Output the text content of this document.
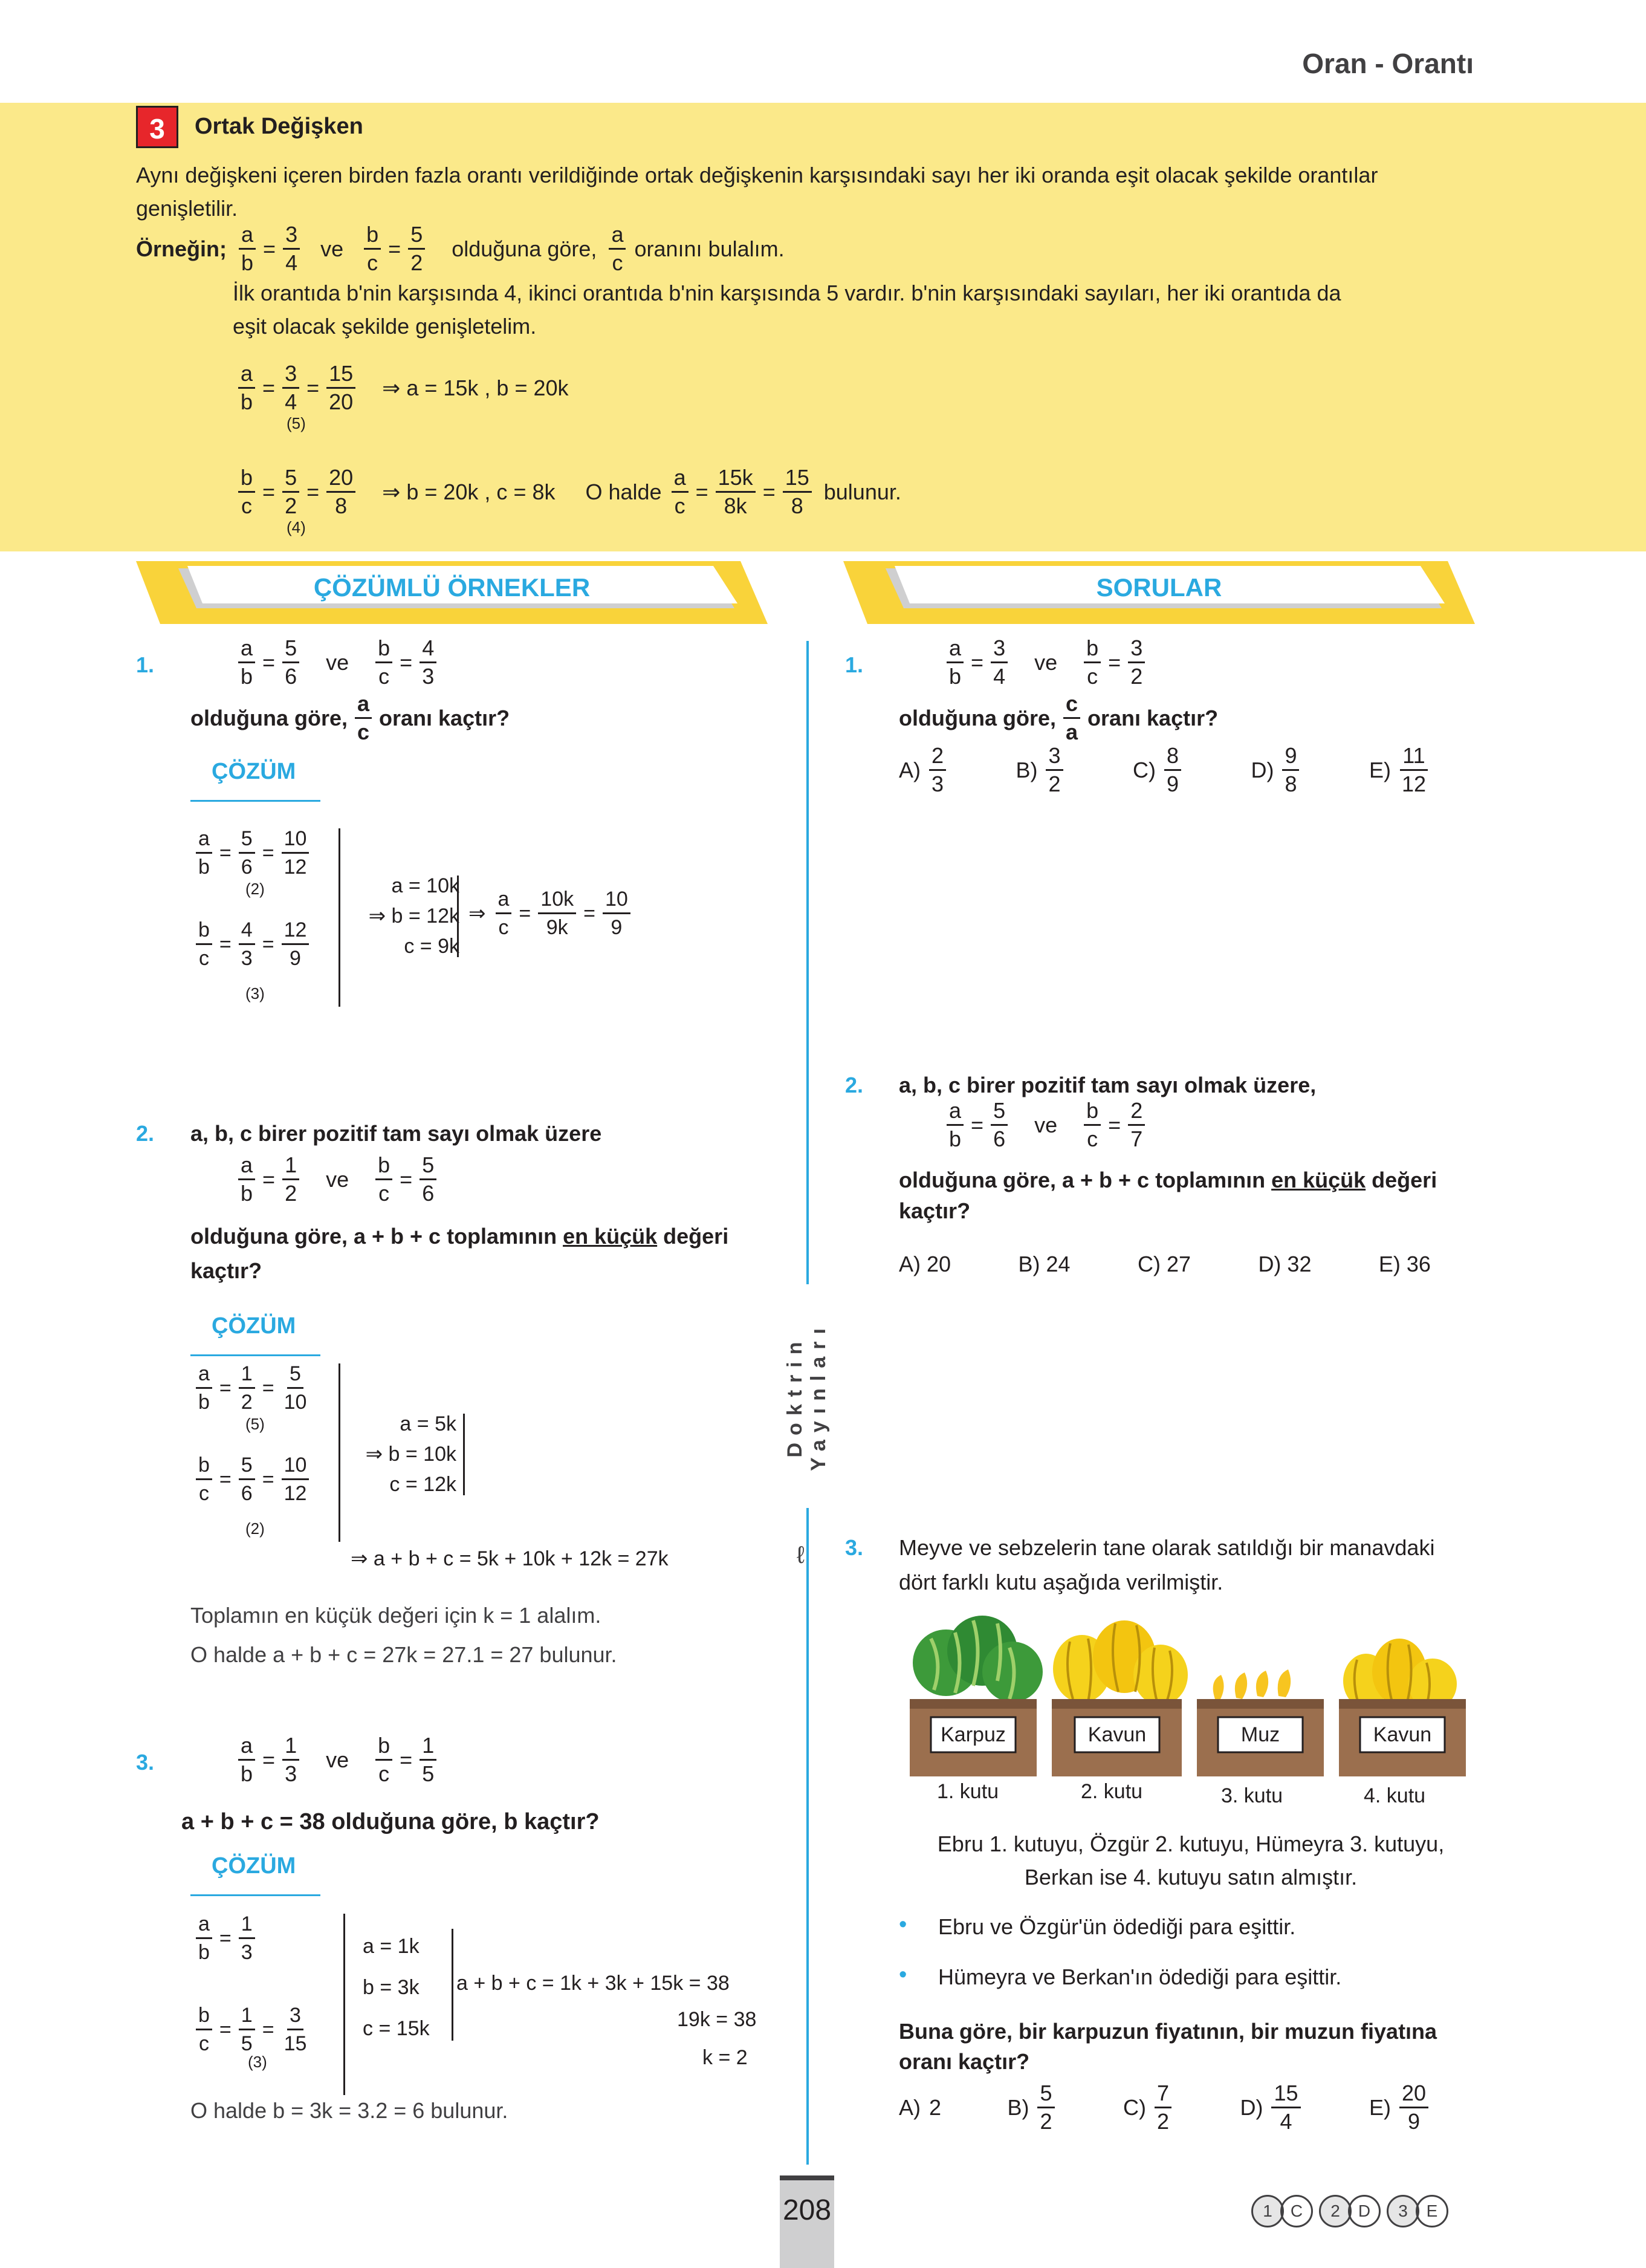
Oran - Orantı
3	Ortak Değişken
Aynı değişkeni içeren birden fazla orantı verildiğinde ortak değişkenin karşısındaki sayı her iki oranda eşit olacak şekilde orantılar
genişletilir.
Örneğin; $\frac{a}{b} = \frac{3}{4}$ ve $\frac{b}{c} = \frac{5}{2}$ olduğuna göre,
a
c
oranını bulalım.
İlk orantıda b'nin karşısında 4, ikinci orantıda b'nin karşısında 5 vardır. b'nin karşısındaki sayıları, her iki orantıda da
eşit olacak şekilde genişletelim.
$\frac{a}{b} = \frac{3}{4} = \frac{15}{20}$ ⇒ a = 15k , b = 20k
(5)
$\frac{b}{c} = \frac{5}{2} = \frac{20}{8}$ ⇒ b = 20k , c = 8k O halde $\frac{a}{c} = \frac{15k}{8k} = \frac{15}{8}$ bulunur.
(4)
ÇÖZÜMLÜ ÖRNEKLER	SORULAR
Doktrin Yayınları
ℓ
1.	$\frac{a}{b} = \frac{5}{6}$ ve $\frac{b}{c} = \frac{4}{3}$
olduğuna göre,
a
c
oranı kaçtır?
ÇÖZÜM
$\frac{a}{b} = \frac{5}{6} = \frac{10}{12}$
$\frac{b}{c} = \frac{4}{3} = \frac{12}{9}$
(2)
(3)
a = 10k
⇒ b = 12k
c = 9k
⇒ $\frac{a}{c} = \frac{10k}{9k} = \frac{10}{9}$
2. a, b, c birer pozitif tam sayı olmak üzere
$\frac{a}{b} = \frac{1}{2}$ ve $\frac{b}{c} = \frac{5}{6}$
olduğuna göre, a + b + c toplamının en küçük değeri
kaçtır?
ÇÖZÜM
$\frac{a}{b} = \frac{1}{2} = \frac{5}{10}$
$\frac{b}{c} = \frac{5}{6} = \frac{10}{12}$
(5)
(2)
a = 5k
⇒ b = 10k
c = 12k
⇒ a + b + c = 5k + 10k + 12k = 27k
Toplamın en küçük değeri için k = 1 alalım.
O halde a + b + c = 27k = 27.1 = 27 bulunur.
3.	$\frac{a}{b} = \frac{1}{3}$ ve $\frac{b}{c} = \frac{1}{5}$
a + b + c = 38 olduğuna göre, b kaçtır?
ÇÖZÜM
$\frac{a}{b} = \frac{1}{3}$
$\frac{b}{c} = \frac{1}{5} = \frac{3}{15}$
(3)
a = 1k
b = 3k
c = 15k
a + b + c = 1k + 3k + 15k = 38
19k = 38
k = 2
O halde b = 3k = 3.2 = 6 bulunur.
1.	$\frac{a}{b} = \frac{3}{4}$ ve $\frac{b}{c} = \frac{3}{2}$
olduğuna göre,
c
a
oranı kaçtır?
A)
2
3
B)
3
2
C)
8
9
D)
9
8
E)
11
12
2. a, b, c birer pozitif tam sayı olmak üzere,
$\frac{a}{b} = \frac{5}{6}$ ve $\frac{b}{c} = \frac{2}{7}$
olduğuna göre, a + b + c toplamının en küçük değeri
kaçtır?
A) 20	B) 24	C) 27	D) 32	E) 36
3. Meyve ve sebzelerin tane olarak satıldığı bir manavdaki
dört farklı kutu aşağıda verilmiştir.
Karpuz	Kavun	Muz	Kavun
1. kutu	2. kutu	3. kutu	4. kutu
Ebru 1. kutuyu, Özgür 2. kutuyu, Hümeyra 3. kutuyu,
Berkan ise 4. kutuyu satın almıştır.
• Ebru ve Özgür'ün ödediği para eşittir.
• Hümeyra ve Berkan'ın ödediği para eşittir.
Buna göre, bir karpuzun fiyatının, bir muzun fiyatına
oranı kaçtır?
A) 2	B)
5
2
C)
7
2
D)
15
4
E)
20
9
208	1	C	2	D	3	E
